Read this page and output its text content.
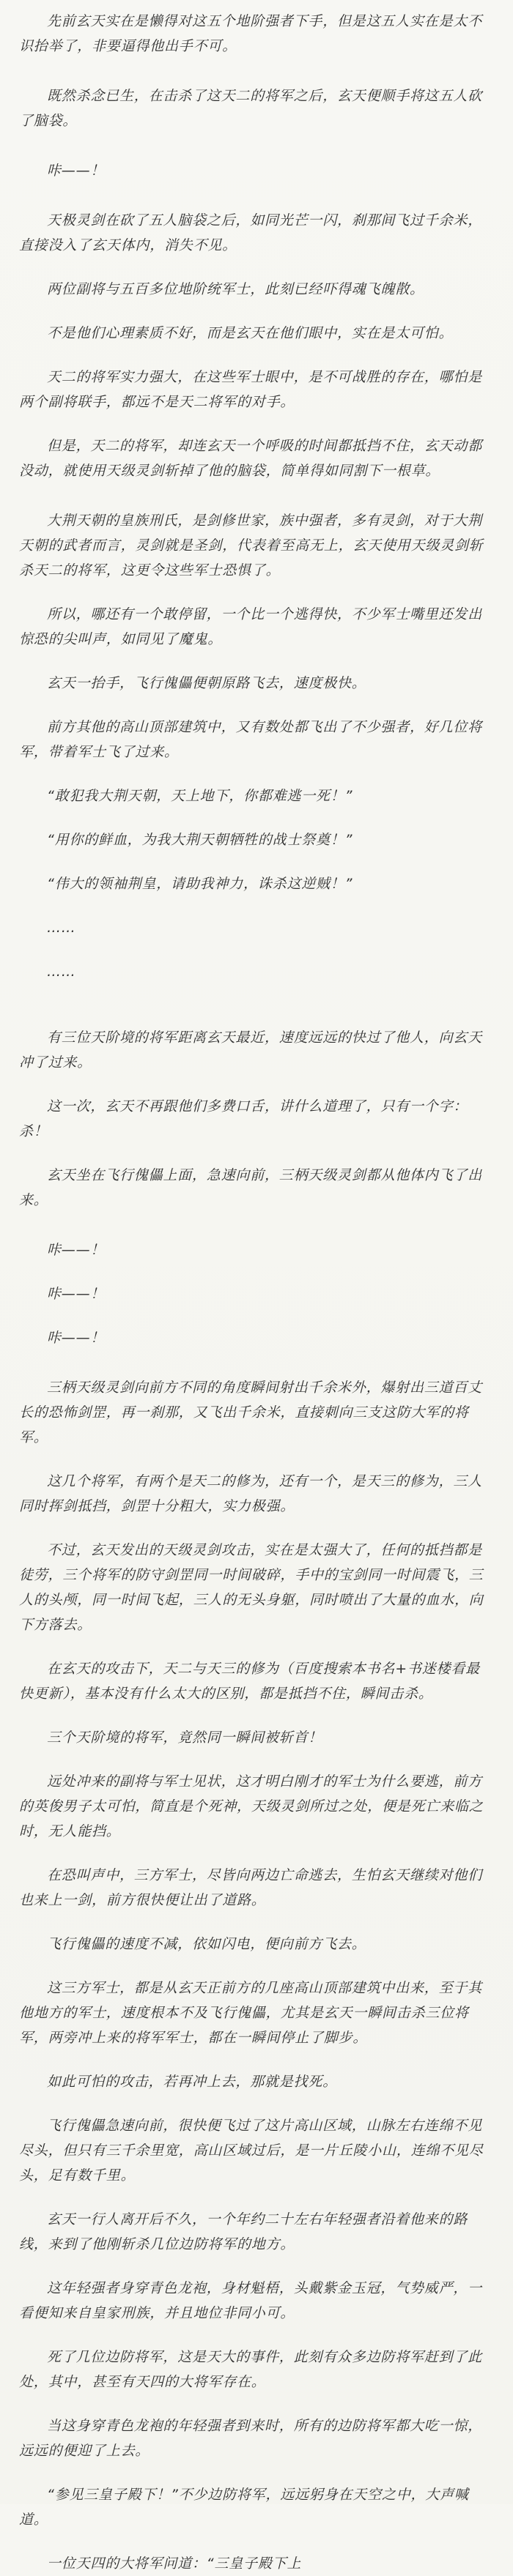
先前玄天实在是懒得对这五个地阶强者下手，但是这五人实在是太不识抬举了，非要逼得他出手不可。

既然杀念已生，在击杀了这天二的将军之后，玄天便顺手将这五人砍了脑袋。

咔——！

天极灵剑在砍了五人脑袋之后，如同光芒一闪，刹那间飞过千余米，直接没入了玄天体内，消失不见。

两位副将与五百多位地阶统军士，此刻已经吓得魂飞魄散。

不是他们心理素质不好，而是玄天在他们眼中，实在是太可怕。

天二的将军实力强大，在这些军士眼中，是不可战胜的存在，哪怕是两个副将联手，都远不是天二将军的对手。

但是，天二的将军，却连玄天一个呼吸的时间都抵挡不住，玄天动都没动，就使用天级灵剑斩掉了他的脑袋，简单得如同割下一根草。

大荆天朝的皇族刑氏，是剑修世家，族中强者，多有灵剑，对于大荆天朝的武者而言，灵剑就是圣剑，代表着至高无上，玄天使用天级灵剑斩杀天二的将军，这更令这些军士恐惧了。

所以，哪还有一个敢停留，一个比一个逃得快，不少军士嘴里还发出惊恐的尖叫声，如同见了魔鬼。

玄天一抬手，飞行傀儡便朝原路飞去，速度极快。

前方其他的高山顶部建筑中，又有数处都飞出了不少强者，好几位将军，带着军士飞了过来。

“敢犯我大荆天朝，天上地下，你都难逃一死！”

“用你的鲜血，为我大荆天朝牺牲的战士祭奠！”

“伟大的领袖荆皇，请助我神力，诛杀这逆贼！”

……

……

有三位天阶境的将军距离玄天最近，速度远远的快过了他人，向玄天冲了过来。

这一次，玄天不再跟他们多费口舌，讲什么道理了，只有一个字：杀！

玄天坐在飞行傀儡上面，急速向前，三柄天级灵剑都从他体内飞了出来。

咔——！

咔——！

咔——！

三柄天级灵剑向前方不同的角度瞬间射出千余米外，爆射出三道百丈长的恐怖剑罡，再一刹那，又飞出千余米，直接刺向三支这防大军的将军。

这几个将军，有两个是天二的修为，还有一个，是天三的修为，三人同时挥剑抵挡，剑罡十分粗大，实力极强。

不过，玄天发出的天级灵剑攻击，实在是太强大了，任何的抵挡都是徒劳，三个将军的防守剑罡同一时间破碎，手中的宝剑同一时间震飞，三人的头颅，同一时间飞起，三人的无头身躯，同时喷出了大量的血水，向下方落去。

在玄天的攻击下，天二与天三的修为（百度搜索本书名+书迷楼看最快更新），基本没有什么太大的区别，都是抵挡不住，瞬间击杀。

三个天阶境的将军，竟然同一瞬间被斩首！

远处冲来的副将与军士见状，这才明白刚才的军士为什么要逃，前方的英俊男子太可怕，简直是个死神，天级灵剑所过之处，便是死亡来临之时，无人能挡。

在恐叫声中，三方军士，尽皆向两边亡命逃去，生怕玄天继续对他们也来上一剑，前方很快便让出了道路。

飞行傀儡的速度不减，依如闪电，便向前方飞去。

这三方军士，都是从玄天正前方的几座高山顶部建筑中出来，至于其他地方的军士，速度根本不及飞行傀儡，尤其是玄天一瞬间击杀三位将军，两旁冲上来的将军军士，都在一瞬间停止了脚步。

如此可怕的攻击，若再冲上去，那就是找死。

飞行傀儡急速向前，很快便飞过了这片高山区域，山脉左右连绵不见尽头，但只有三千余里宽，高山区域过后，是一片丘陵小山，连绵不见尽头，足有数千里。

玄天一行人离开后不久，一个年约二十左右年轻强者沿着他来的路线，来到了他刚斩杀几位边防将军的地方。

这年轻强者身穿青色龙袍，身材魁梧，头戴紫金玉冠，气势威严，一看便知来自皇家刑族，并且地位非同小可。

死了几位边防将军，这是天大的事件，此刻有众多边防将军赶到了此处，其中，甚至有天四的大将军存在。

当这身穿青色龙袍的年轻强者到来时，所有的边防将军都大吃一惊，远远的便迎了上去。

“参见三皇子殿下！”不少边防将军，远远躬身在天空之中，大声喊道。

一位天四的大将军问道：“三皇子殿下上
